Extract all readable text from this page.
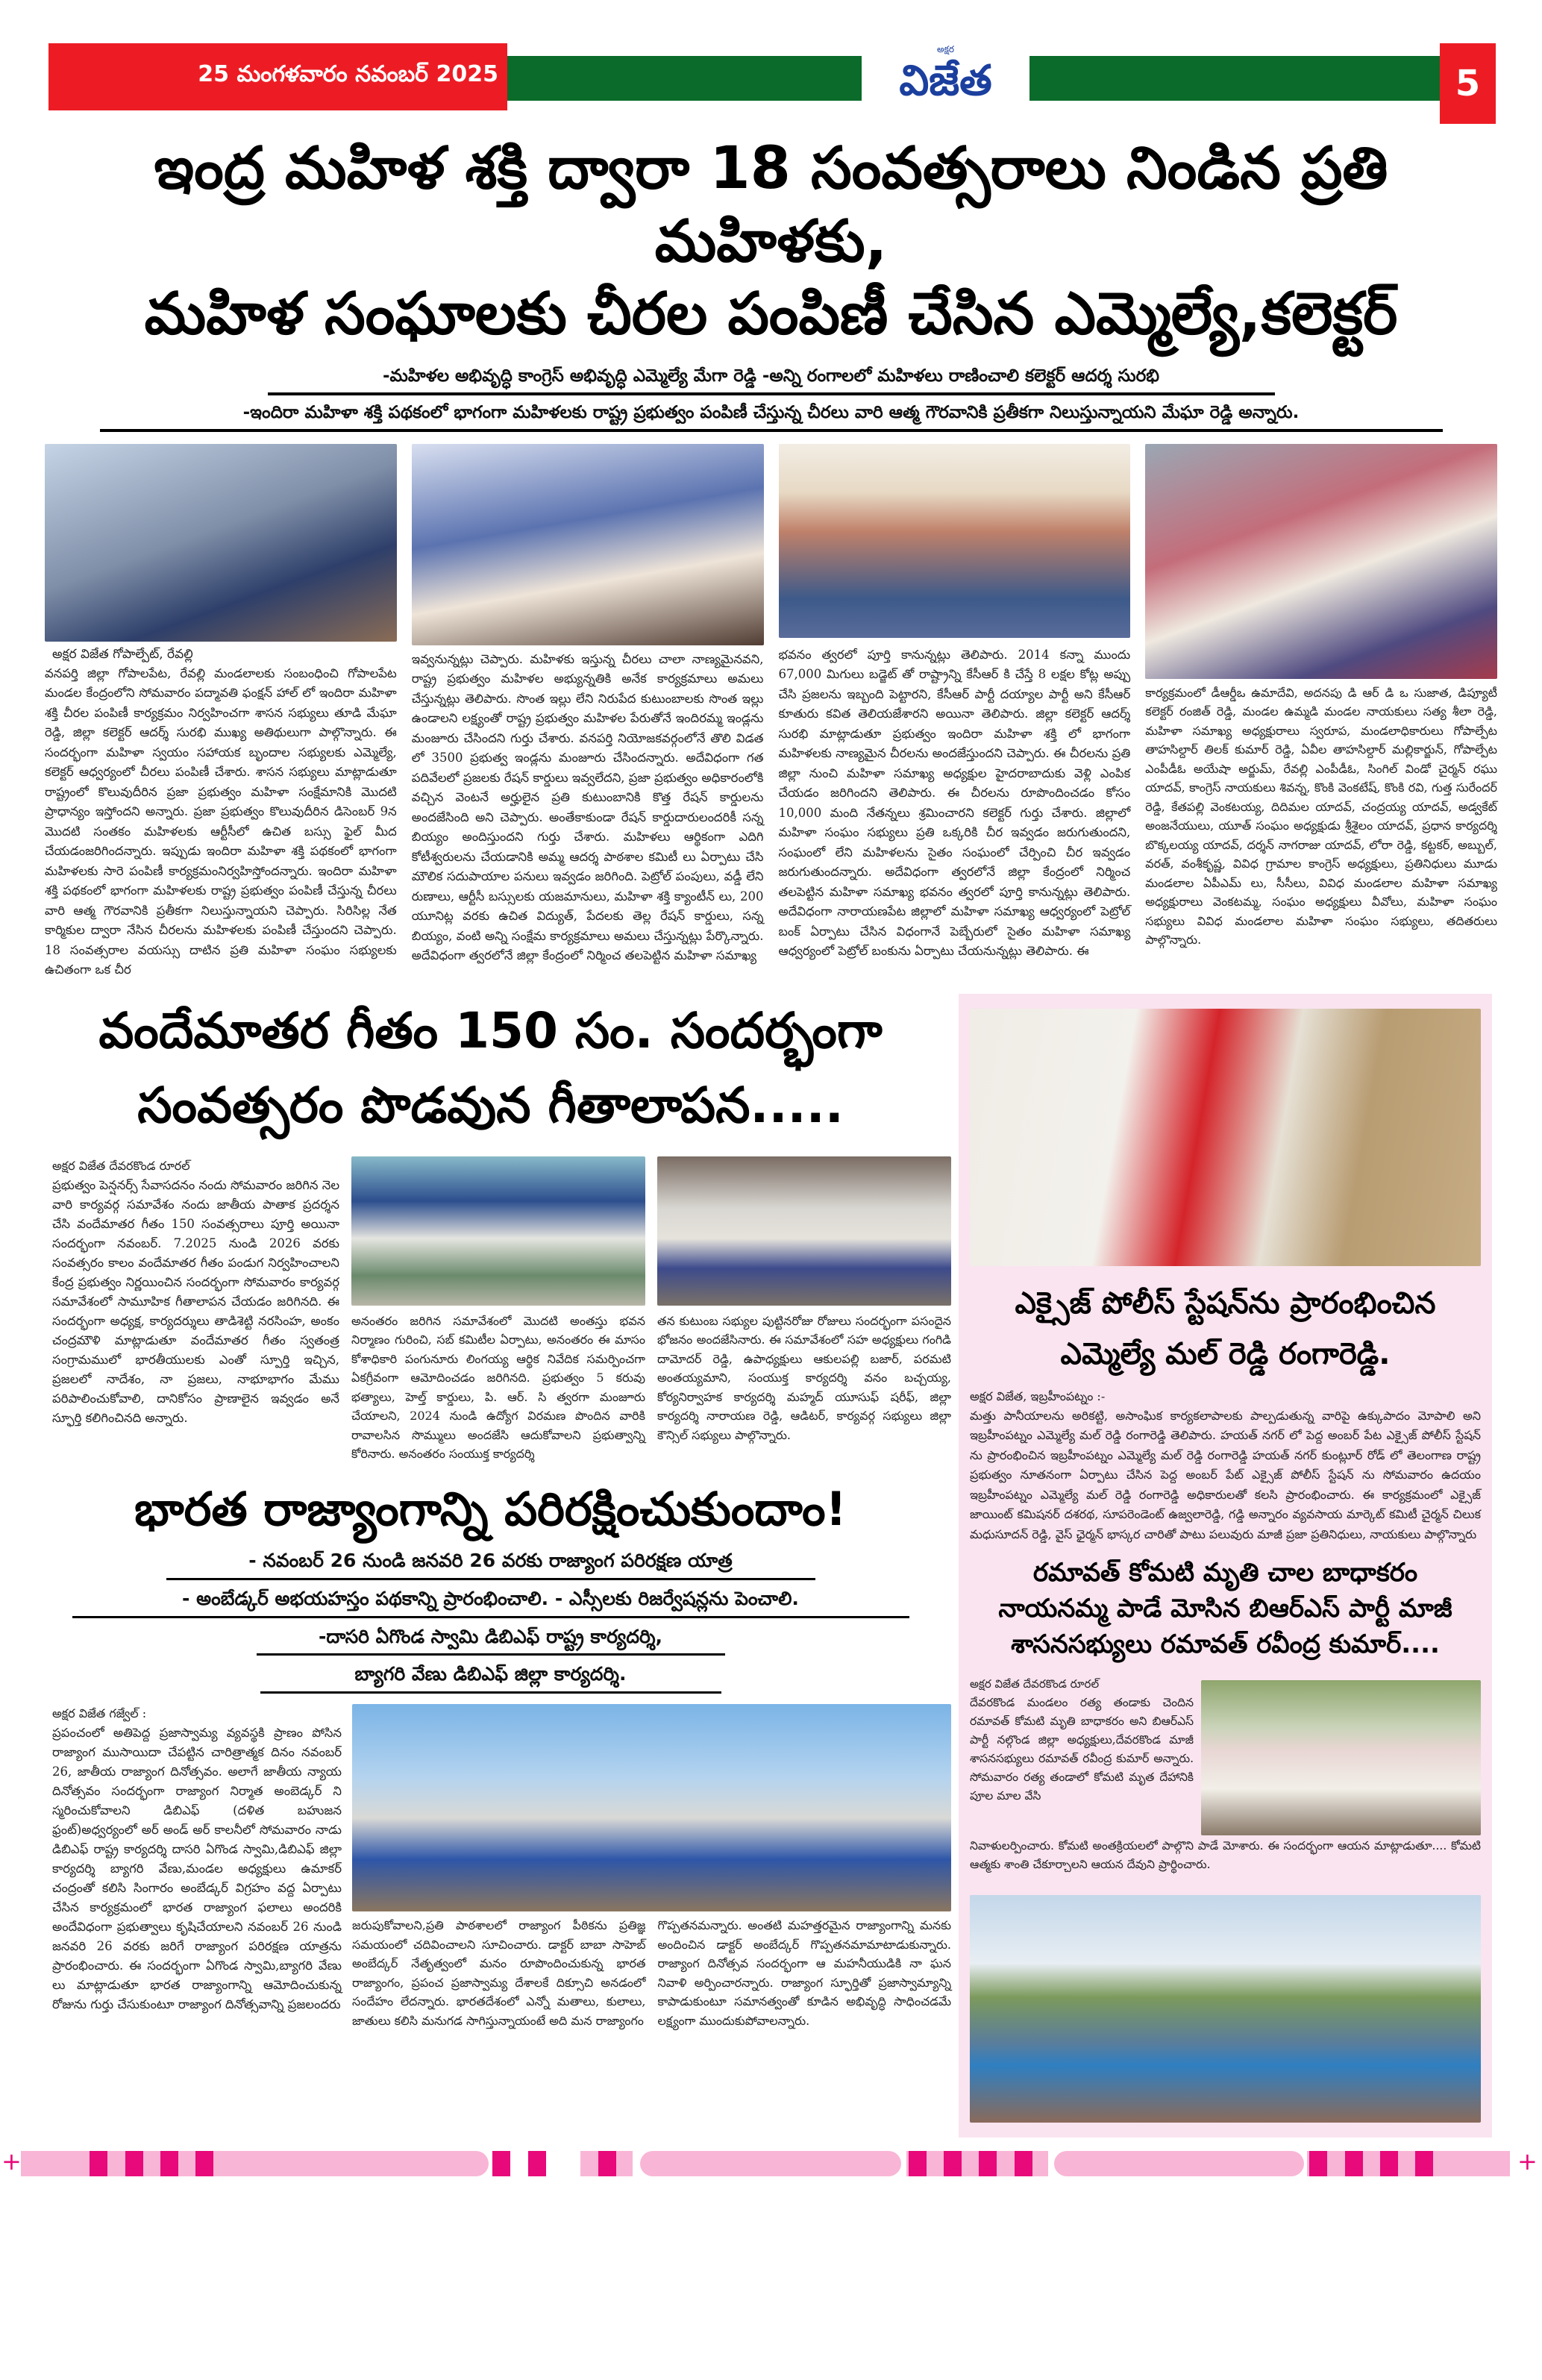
25 మంగళవారం నవంబర్ 2025
అక్షర
విజేత	5
ఇంద్ర మహిళ శక్తి ద్వారా 18 సంవత్సరాలు నిండిన ప్రతి మహిళకు,
మహిళ సంఘాలకు చీరల పంపిణీ చేసిన ఎమ్మెల్యే,కలెక్టర్
-మహిళల అభివృద్ధి కాంగ్రెస్ అభివృద్ధి ఎమ్మెల్యే మేగా రెడ్డి -అన్ని రంగాలలో మహిళలు రాణించాలి కలెక్టర్ ఆదర్శ సురభి
-ఇందిరా మహిళా శక్తి పథకంలో భాగంగా మహిళలకు రాష్ట్ర ప్రభుత్వం పంపిణీ చేస్తున్న చీరలు వారి ఆత్మ గౌరవానికి ప్రతీకగా నిలుస్తున్నాయని మేఘా రెడ్డి అన్నారు.
అక్షర విజేత గోపాల్పేట్, రేవల్లి
వనపర్తి జిల్లా గోపాలపేట, రేవల్లి మండలాలకు సంబంధించి గోపాలపేట మండల కేంద్రంలోని సోమవారం పద్మావతి ఫంక్షన్ హాల్ లో ఇందిరా మహిళా శక్తి చీరల పంపిణీ కార్యక్రమం నిర్వహించగా శాసన సభ్యులు తూడి మేఘా రెడ్డి, జిల్లా కలెక్టర్ ఆదర్శ్ సురభి ముఖ్య అతిథులుగా పాల్గొన్నారు. ఈ సందర్భంగా మహిళా స్వయం సహాయక బృందాల సభ్యులకు ఎమ్మెల్యే, కలెక్టర్ ఆధ్వర్యంలో చీరలు పంపిణీ చేశారు. శాసన సభ్యులు మాట్లాడుతూ రాష్ట్రంలో కొలువుదీరిన ప్రజా ప్రభుత్వం మహిళా సంక్షేమానికి మొదటి ప్రాధాన్యం ఇస్తోందని అన్నారు. ప్రజా ప్రభుత్వం కొలువుదీరిన డిసెంబర్ 9న మొదటి సంతకం మహిళలకు ఆర్టీసీలో ఉచిత బస్సు ఫైల్ మీద చేయడంజరిగిందన్నారు. ఇప్పుడు ఇందిరా మహిళా శక్తి పథకంలో భాగంగా మహిళలకు సారె పంపిణీ కార్యక్రమంనిర్వహిస్తోందన్నారు. ఇందిరా మహిళా శక్తి పథకంలో భాగంగా మహిళలకు రాష్ట్ర ప్రభుత్వం పంపిణీ చేస్తున్న చీరలు వారి ఆత్మ గౌరవానికి ప్రతీకగా నిలుస్తున్నాయని చెప్పారు. సిరిసిల్ల నేత కార్మికుల ద్వారా నేసిన చీరలను మహిళలకు పంపిణీ చేస్తుందని చెప్పారు. 18 సంవత్సరాల వయస్సు దాటిన ప్రతి మహిళా సంఘం సభ్యులకు ఉచితంగా ఒక చీర
ఇవ్వనున్నట్లు చెప్పారు. మహిళకు ఇస్తున్న చీరలు చాలా నాణ్యమైనవని, రాష్ట్ర ప్రభుత్వం మహిళల అభ్యున్నతికి అనేక కార్యక్రమాలు అమలు చేస్తున్నట్లు తెలిపారు. సొంత ఇల్లు లేని నిరుపేద కుటుంబాలకు సొంత ఇల్లు ఉండాలని లక్ష్యంతో రాష్ట్ర ప్రభుత్వం మహిళల పేరుతోనే ఇందిరమ్మ ఇండ్లను మంజూరు చేసిందని గుర్తు చేశారు. వనపర్తి నియోజకవర్గంలోనే తొలి విడత లో 3500 ప్రభుత్వ ఇండ్లను మంజూరు చేసిందన్నారు. అదేవిధంగా గత పదివేలలో ప్రజలకు రేషన్ కార్డులు ఇవ్వలేదని, ప్రజా ప్రభుత్వం అధికారంలోకి వచ్చిన వెంటనే అర్హులైన ప్రతి కుటుంబానికి కొత్త రేషన్ కార్డులను అందజేసింది అని చెప్పారు. అంతేకాకుండా రేషన్ కార్డుదారులందరికీ సన్న బియ్యం అందిస్తుందని గుర్తు చేశారు. మహిళలు ఆర్థికంగా ఎదిగి కోటీశ్వరులను చేయడానికి అమ్మ ఆదర్శ పాఠశాల కమిటీ లు ఏర్పాటు చేసి మౌలిక సదుపాయాల పనులు ఇవ్వడం జరిగింది. పెట్రోల్ పంపులు, వడ్డీ లేని రుణాలు, ఆర్టీసీ బస్సులకు యజమానులు, మహిళా శక్తి క్యాంటీన్ లు, 200 యూనిట్ల వరకు ఉచిత విద్యుత్, పేదలకు తెల్ల రేషన్ కార్డులు, సన్న బియ్యం, వంటి అన్ని సంక్షేమ కార్యక్రమాలు అమలు చేస్తున్నట్లు పేర్కొన్నారు. అదేవిధంగా త్వరలోనే జిల్లా కేంద్రంలో నిర్మించ తలపెట్టిన మహిళా సమాఖ్య
భవనం త్వరలో పూర్తి కానున్నట్లు తెలిపారు. 2014 కన్నా ముందు 67,000 మిగులు బడ్జెట్ తో రాష్ట్రాన్ని కేసీఆర్ కి చేస్తే 8 లక్షల కోట్ల అప్పు చేసి ప్రజలను ఇబ్బంది పెట్టారని, కేసీఆర్ పార్టీ దయ్యాల పార్టీ అని కేసీఆర్ కూతురు కవిత తెలియజేశారని అయినా తెలిపారు. జిల్లా కలెక్టర్ ఆదర్శ్ సురభి మాట్లాడుతూ ప్రభుత్వం ఇందిరా మహిళా శక్తి లో భాగంగా మహిళలకు నాణ్యమైన చీరలను అందజేస్తుందని చెప్పారు. ఈ చీరలను ప్రతి జిల్లా నుంచి మహిళా సమాఖ్య అధ్యక్షుల హైదరాబాదుకు వెళ్లి ఎంపిక చేయడం జరిగిందని తెలిపారు. ఈ చీరలను రూపొందించడం కోసం 10,000 మంది నేతన్నలు శ్రమించారని కలెక్టర్ గుర్తు చేశారు. జిల్లాలో మహిళా సంఘం సభ్యులు ప్రతి ఒక్కరికి చీర ఇవ్వడం జరుగుతుందని, సంఘంలో లేని మహిళలను సైతం సంఘంలో చేర్పించి చీర ఇవ్వడం జరుగుతుందన్నారు. అదేవిధంగా త్వరలోనే జిల్లా కేంద్రంలో నిర్మించ తలపెట్టిన మహిళా సమాఖ్య భవనం త్వరలో పూర్తి కానున్నట్లు తెలిపారు. అదేవిధంగా నారాయణపేట జిల్లాలో మహిళా సమాఖ్య ఆధ్వర్యంలో పెట్రోల్ బంక్ ఏర్పాటు చేసిన విధంగానే పెబ్బేరులో సైతం మహిళా సమాఖ్య ఆధ్వర్యంలో పెట్రోల్ బంకును ఏర్పాటు చేయనున్నట్లు తెలిపారు. ఈ
కార్యక్రమంలో డీఆర్డీఒ ఉమాదేవి, అదనపు డి ఆర్ డి ఒ సుజాత, డిప్యూటీ కలెక్టర్ రంజిత్ రెడ్డి, మండల ఉమ్మడి మండల నాయకులు సత్య శీలా రెడ్డి, మహిళా సమాఖ్య అధ్యక్షురాలు స్వరూప, మండలాధికారులు గోపాల్పేట తాహసిల్దార్ తిలక్ కుమార్ రెడ్డి, ఏవీల తాహసిల్దార్ మల్లికార్జున్, గోపాల్పేట ఎంపీడీఓ అయేషా అర్జుమ్, రేవల్లి ఎంపీడీఓ, సింగిల్ విండో చైర్మన్ రఘు యాదవ్, కాంగ్రెస్ నాయకులు శివన్న, కొంకి వెంకటేష్, కొంకి రవి, గుత్త సురేందర్ రెడ్డి, కేతపల్లి వెంకటయ్య, దిదిమల యాదవ్, చంద్రయ్య యాదవ్, అడ్వకేట్ అంజనేయులు, యూత్ సంఘం అధ్యక్షుడు శ్రీశైలం యాదవ్, ప్రధాన కార్యదర్శి బొక్కలయ్య యాదవ్, దర్శన్ నాగరాజు యాదవ్, లోరా రెడ్డి, కట్టకర్, అబ్బుల్, వరత్, వంశీకృష్ణ, వివిధ గ్రామాల కాంగ్రెస్ అధ్యక్షులు, ప్రతినిధులు మూడు మండలాల ఏపీఎమ్ లు, సీసీలు, వివిధ మండలాల మహిళా సమాఖ్య అధ్యక్షురాలు వెంకటమ్మ, సంఘం అధ్యక్షులు వీవోలు, మహిళా సంఘం సభ్యులు వివిధ మండలాల మహిళా సంఘం సభ్యులు, తదితరులు పాల్గొన్నారు.
వందేమాతర గీతం 150 సం. సందర్భంగా
సంవత్సరం పొడవున గీతాలాపన.....
అక్షర విజేత దేవరకొండ రూరల్
ప్రభుత్వం పెన్షనర్స్ సేవాసదనం నందు సోమవారం జరిగిన నెల వారి కార్యవర్గ సమావేశం నందు జాతీయ పాతాక ప్రదర్శన చేసి వందేమాతర గీతం 150 సంవత్సరాలు పూర్తి అయినా సందర్భంగా నవంబర్. 7.2025 నుండి 2026 వరకు సంవత్సరం కాలం వందేమాతర గీతం పండుగ నిర్వహించాలని కేంద్ర ప్రభుత్వం నిర్ణయించిన సందర్భంగా సోమవారం కార్యవర్గ సమావేశంలో సామూహిక గీతాలాపన చేయడం జరిగినది. ఈ సందర్భంగా అధ్యక్ష, కార్యదర్శులు తాడిశెట్టి నరసింహ, అంకం చంద్రమౌళి మాట్లాడుతూ వందేమాతర గీతం స్వతంత్ర సంగ్రామములో భారతీయులకు ఎంతో స్పూర్తి ఇచ్చిన, ప్రజలలో నాదేశం, నా ప్రజలు, నాభూభాగం మేము పరిపాలించుకోవాలి, దానికోసం ప్రాణాలైన ఇవ్వడం అనే స్ఫూర్తి కలిగించినది అన్నారు.
అనంతరం జరిగిన సమావేశంలో మొదటి అంతస్తు భవన నిర్మాణం గురించి, సబ్ కమిటీల ఏర్పాటు, అనంతరం ఈ మాసం కోశాధికారి పంగునూరు లింగయ్య ఆర్థిక నివేదిక సమర్పించగా ఏకగ్రీవంగా ఆమోదించడం జరిగినది. ప్రభుత్వం 5 కరువు భత్యాలు, హెల్త్ కార్డులు, పి. ఆర్. సి త్వరగా మంజూరు చేయాలని, 2024 నుండి ఉద్యోగ విరమణ పొందిన వారికి రావాలసిన సొమ్ములు అందజేసి ఆదుకోవాలని ప్రభుత్వాన్ని కోరినారు. అనంతరం సంయుక్త కార్యదర్శి
తన కుటుంబ సభ్యుల పుట్టినరోజు రోజులు సందర్భంగా పసందైన భోజనం అందజేసినారు. ఈ సమావేశంలో సహ అధ్యక్షులు గంగిడి దామోదర్ రెడ్డి, ఉపాధ్యక్షులు ఆకులపల్లి బజార్, పరమటి అంతయ్యమాని, సంయుక్త కార్యదర్శి వనం బచ్చయ్య, కోర్యనిర్వాహక కార్యదర్శి మహ్మద్ యూసుఫ్ షరీఫ్, జిల్లా కార్యదర్శి నారాయణ రెడ్డి, ఆడిటర్, కార్యవర్గ సభ్యులు జిల్లా కౌన్సిల్ సభ్యులు పాల్గొన్నారు.
భారత రాజ్యాంగాన్ని పరిరక్షించుకుందాం!
- నవంబర్ 26 నుండి జనవరి 26 వరకు రాజ్యాంగ పరిరక్షణ యాత్ర
- అంబేడ్కర్ అభయహస్తం పథకాన్ని ప్రారంభించాలి. - ఎస్సీలకు రిజర్వేషన్లను పెంచాలి.
-దాసరి ఏగొండ స్వామి డిబిఎఫ్ రాష్ట్ర కార్యదర్శి,
బ్యాగరి వేణు డిబిఎఫ్ జిల్లా కార్యదర్శి.
అక్షర విజేత గజ్వేల్ :
ప్రపంచంలో అతిపెద్ద ప్రజాస్వామ్య వ్యవస్థకి ప్రాణం పోసిన రాజ్యాంగ ముసాయిదా చేపట్టిన చారిత్రాత్మక దినం నవంబర్ 26, జాతీయ రాజ్యాంగ దినోత్సవం. అలాగే జాతీయ న్యాయ దినోత్సవం సందర్భంగా రాజ్యాంగ నిర్మాత అంబెడ్కర్ ని స్మరించుకోవాలని డిబిఎఫ్ (దళిత బహుజన ఫ్రంట్)అధ్వర్యంలో అర్ అండ్ అర్ కాలనీలో సోమవారం నాడు డిబిఎఫ్ రాష్ట్ర కార్యదర్శి దాసరి ఏగొండ స్వామి,డిబిఎఫ్ జిల్లా కార్యదర్శి బ్యాగరి వేణు,మండల అధ్యక్షులు ఉమాకర్ చంద్రంతో కలిసి సింగారం అంబేడ్కర్ విగ్రహం వద్ద ఏర్పాటు చేసిన కార్యక్రమంలో భారత రాజ్యాంగ ఫలాలు అందరికి అందేవిధంగా ప్రభుత్వాలు కృషిచేయాలని నవంబర్ 26 నుండి జనవరి 26 వరకు జరిగే రాజ్యాంగ పరిరక్షణ యాత్రను ప్రారంభించారు. ఈ సందర్భంగా ఏగొండ స్వామి,బ్యాగరి వేణు లు మాట్లాడుతూ భారత రాజ్యాంగాన్ని ఆమోదించుకున్న రోజును గుర్తు చేసుకుంటూ రాజ్యాంగ దినోత్సవాన్ని ప్రజలందరు
జరుపుకోవాలని,ప్రతి పాఠశాలలో రాజ్యాంగ పీఠికను ప్రతిజ్ఞ సమయంలో చదివించాలని సూచించారు. డాక్టర్ బాబా సాహెబ్ అంబేద్కర్ నేతృత్వంలో మనం రూపొందించుకున్న భారత రాజ్యాంగం, ప్రపంచ ప్రజాస్వామ్య దేశాలకే దిక్సూచి అనడంలో సందేహం లేదన్నారు. భారతదేశంలో ఎన్నో మతాలు, కులాలు, జాతులు కలిసి మనుగడ సాగిస్తున్నాయంటే అది మన రాజ్యాంగం
గొప్పతనమన్నారు. అంతటి మహత్తరమైన రాజ్యాంగాన్ని మనకు అందించిన డాక్టర్ అంబేద్కర్ గొప్పతనమామాటాడుకున్నారు. రాజ్యాంగ దినోత్సవ సందర్భంగా ఆ మహనీయుడికి నా ఘన నివాళి అర్పించారన్నారు. రాజ్యాంగ స్ఫూర్తితో ప్రజాస్వామ్యాన్ని కాపాడుకుంటూ సమానత్వంతో కూడిన అభివృద్ధి సాధించడమే లక్ష్యంగా ముందుకుపోవాలన్నారు.
ఎక్సైజ్ పోలీస్ స్టేషన్‌ను ప్రారంభించిన
ఎమ్మెల్యే మల్ రెడ్డి రంగారెడ్డి.
అక్షర విజేత, ఇబ్రహీంపట్నం :-
మత్తు పానీయాలను అరికట్టి, అసాంఘిక కార్యకలాపాలకు పాల్పడుతున్న వారిపై ఉక్కుపాదం మోపాలి అని ఇబ్రహీంపట్నం ఎమ్మెల్యే మల్ రెడ్డి రంగారెడ్డి తెలిపారు. హయత్ నగర్ లో పెద్ద అంబర్ పేట ఎక్సైజ్ పోలీస్ స్టేషన్ ను ప్రారంభించిన ఇబ్రహీంపట్నం ఎమ్మెల్యే మల్ రెడ్డి రంగారెడ్డి హయత్ నగర్ కుంట్లూర్ రోడ్ లో తెలంగాణ రాష్ట్ర ప్రభుత్వం నూతనంగా ఏర్పాటు చేసిన పెద్ద అంబర్ పేట్ ఎక్సైజ్ పోలీస్ స్టేషన్ ను సోమవారం ఉదయం ఇబ్రహీంపట్నం ఎమ్మెల్యే మల్ రెడ్డి రంగారెడ్డి అధికారులతో కలసి ప్రారంభించారు. ఈ కార్యక్రమంలో ఎక్సైజ్ జాయింట్ కమిషనర్ దశరథ, సూపరెండెంట్ ఉజ్వలారెడ్డి, గడ్డి అన్నారం వ్యవసాయ మార్కెట్ కమిటీ చైర్మన్ చిలుక మధుసూదన్ రెడ్డి, వైస్ ఛైర్మన్ భాస్కర చారితో పాటు పలువురు మాజీ ప్రజా ప్రతినిధులు, నాయకులు పాల్గొన్నారు
రమావత్ కోమటి మృతి చాల బాధాకరం
నాయనమ్మ పాడే మోసిన బిఆర్ఎస్ పార్టీ మాజీ
శాసనసభ్యులు రమావత్ రవీంద్ర కుమార్....
అక్షర విజేత దేవరకొండ రూరల్
దేవరకొండ మండలం రత్య తండాకు చెందిన రమావత్ కోమటి మృతి బాధాకరం అని బిఆర్ఎస్ పార్టీ నల్గొండ జిల్లా అధ్యక్షులు,దేవరకొండ మాజీ శాసనసభ్యులు రమావత్ రవీంద్ర కుమార్ అన్నారు. సోమవారం రత్య తండాలో కోమటి మృత దేహానికి పూల మాల వేసి
నివాళులర్పించారు. కోమటి అంతక్రియలలో పాల్గొని పాడే మోశారు. ఈ సందర్భంగా ఆయన మాట్లాడుతూ.... కోమటి ఆత్మకు శాంతి చేకూర్చాలని ఆయన దేవుని ప్రార్థించారు.
+	+
